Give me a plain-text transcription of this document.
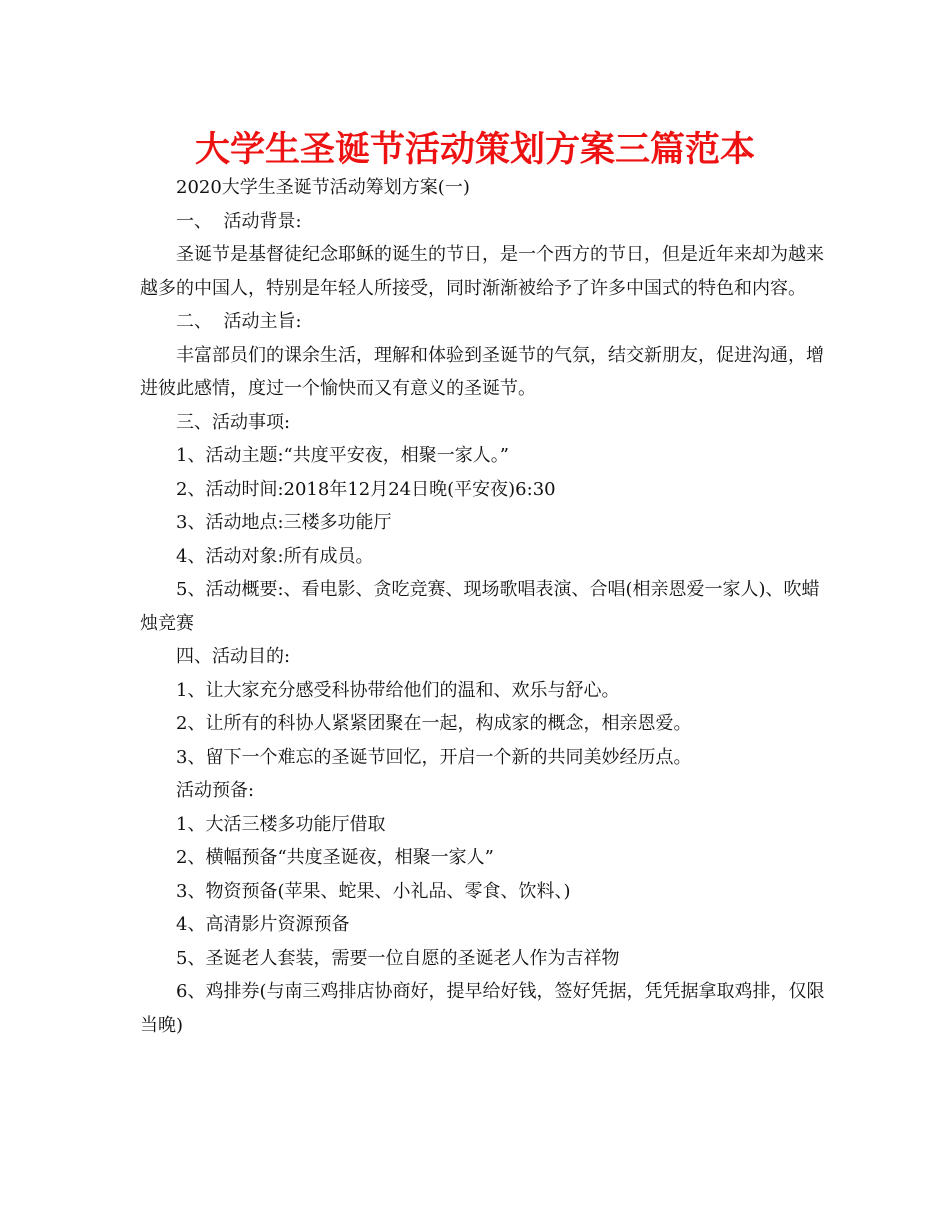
大学生圣诞节活动策划方案三篇范本

2020大学生圣诞节活动筹划方案(一)

一、  活动背景:

圣诞节是基督徒纪念耶稣的诞生的节日，是一个西方的节日，但是近年来却为越来越多的中国人，特别是年轻人所接受，同时渐渐被给予了许多中国式的特色和内容。

二、  活动主旨:

丰富部员们的课余生活，理解和体验到圣诞节的气氛，结交新朋友，促进沟通，增进彼此感情，度过一个愉快而又有意义的圣诞节。

三、活动事项:

1、活动主题:“共度平安夜，相聚一家人。”

2、活动时间:2018年12月24日晚(平安夜)6:30

3、活动地点:三楼多功能厅

4、活动对象:所有成员。

5、活动概要:、看电影、贪吃竞赛、现场歌唱表演、合唱(相亲恩爱一家人)、吹蜡烛竞赛

四、活动目的:

1、让大家充分感受科协带给他们的温和、欢乐与舒心。

2、让所有的科协人紧紧团聚在一起，构成家的概念，相亲恩爱。

3、留下一个难忘的圣诞节回忆，开启一个新的共同美妙经历点。

活动预备:

1、大活三楼多功能厅借取

2、横幅预备“共度圣诞夜，相聚一家人”

3、物资预备(苹果、蛇果、小礼品、零食、饮料、)

4、高清影片资源预备

5、圣诞老人套装，需要一位自愿的圣诞老人作为吉祥物

6、鸡排券(与南三鸡排店协商好，提早给好钱，签好凭据，凭凭据拿取鸡排，仅限当晚)
